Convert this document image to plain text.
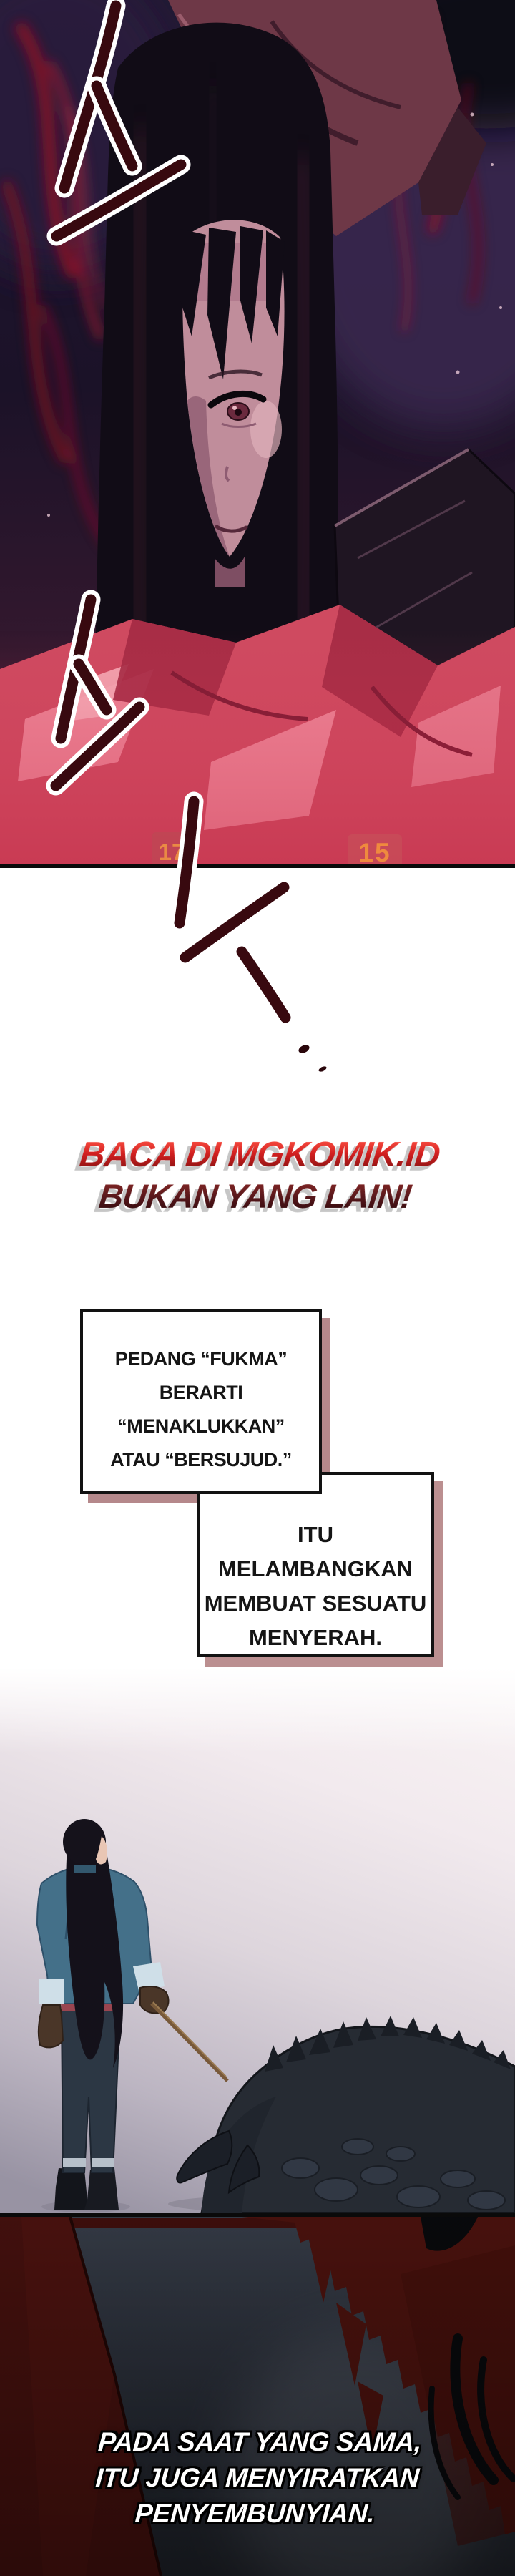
17	15
BACA DI MGKOMIK.ID
BUKAN YANG LAIN!
ITU MELAMBANGKAN
MEMBUAT SESUATU
MENYERAH.
PEDANG “FUKMA”
BERARTI “MENAKLUKKAN”
ATAU “BERSUJUD.”
PADA SAAT YANG SAMA,
ITU JUGA MENYIRATKAN
PENYEMBUNYIAN.
